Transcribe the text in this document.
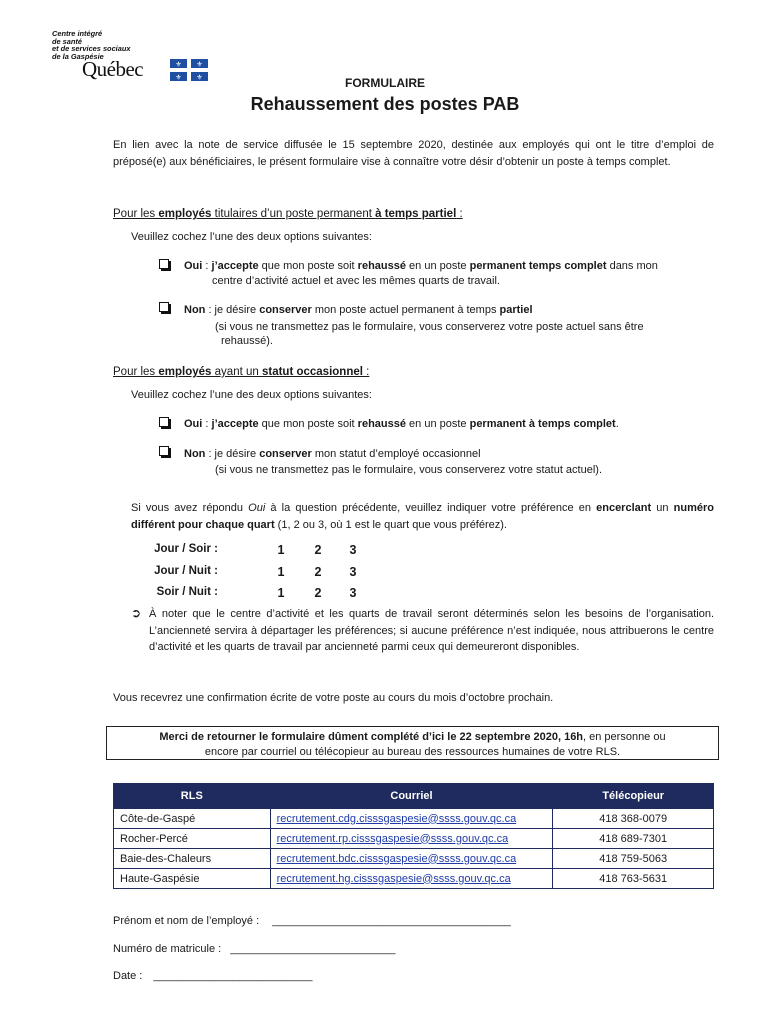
Centre intégré
de santé
et de services sociaux
de la Gaspésie
Québec	⚜ ⚜
⚜ ⚜	FORMULAIRE
Rehaussement des postes PAB
En lien avec la note de service diffusée le 15 septembre 2020, destinée aux employés qui ont le titre d’emploi de préposé(e) aux bénéficiaires, le présent formulaire vise à connaître votre désir d’obtenir un poste à temps complet.
Pour les employés titulaires d’un poste permanent à temps partiel :
Veuillez cochez l’une des deux options suivantes:
Oui : j’accepte que mon poste soit rehaussé en un poste permanent temps complet dans mon
centre d’activité actuel et avec les mêmes quarts de travail.
Non : je désire conserver mon poste actuel permanent à temps partiel
(si vous ne transmettez pas le formulaire, vous conserverez votre poste actuel sans être
rehaussé).
Pour les employés ayant un statut occasionnel :
Veuillez cochez l’une des deux options suivantes:
Oui : j’accepte que mon poste soit rehaussé en un poste permanent à temps complet.
Non : je désire conserver mon statut d’employé occasionnel
(si vous ne transmettez pas le formulaire, vous conserverez votre statut actuel).
Si vous avez répondu Oui à la question précédente, veuillez indiquer votre préférence en encerclant un numéro différent pour chaque quart (1, 2 ou 3, où 1 est le quart que vous préférez).
Jour / Soir :	1	2	3
Jour / Nuit :	1	2	3
Soir / Nuit :	1	2	3
➲ À noter que le centre d’activité et les quarts de travail seront déterminés selon les besoins de l’organisation. L’ancienneté servira à départager les préférences; si aucune préférence n’est indiquée, nous attribuerons le centre d’activité et les quarts de travail par ancienneté parmi ceux qui demeureront disponibles.
Vous recevrez une confirmation écrite de votre poste au cours du mois d’octobre prochain.
Merci de retourner le formulaire dûment complété d’ici le 22 septembre 2020, 16h, en personne ou
encore par courriel ou télécopieur au bureau des ressources humaines de votre RLS.
RLS	Courriel	Télécopieur
Côte-de-Gaspé	recrutement.cdg.cisssgaspesie@ssss.gouv.qc.ca	418 368-0079
Rocher-Percé	recrutement.rp.cisssgaspesie@ssss.gouv.qc.ca	418 689-7301
Baie-des-Chaleurs	recrutement.bdc.cisssgaspesie@ssss.gouv.qc.ca	418 759-5063
Haute-Gaspésie	recrutement.hg.cisssgaspesie@ssss.gouv.qc.ca	418 763-5631
Prénom et nom de l’employé : _______________________________________
Numéro de matricule : ___________________________
Date : __________________________
